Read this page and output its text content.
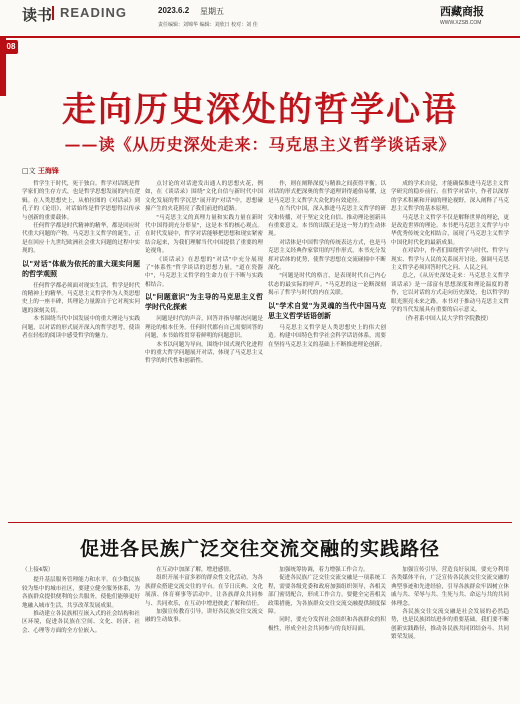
读书 READING	2023.6.2 星期五
责任编辑：刘锦华 编辑：刘欣日 校对：刘 佳
西藏商报
WWW.XZSB.COM
08
走向历史深处的哲学心语
——读《从历史深处走来：马克思主义哲学谈话录》
□文 王海锋

哲学生于时代，死于独白。哲学对话既是哲学家们的生存方式，也是哲学思想发展的内在逻辑。在人类思想史上，从柏拉图的《对话录》到孔子的《论语》，对话始终是哲学思想得以传承与创新的重要载体。

任何哲学都是时代精神的精华，都是回应时代重大问题的产物。马克思主义哲学的诞生，正是在回应十九世纪欧洲社会重大问题的过程中实现的。

以"对话"体裁为依托的重大现实问题的哲学观照

任何哲学都必须面对现实生活。哲学是时代的精神上的精华。马克思主义哲学作为人类思想史上的一座丰碑，其理论力量源自于它对现实问题的深刻关切。

本书围绕当代中国发展中的重大理论与实践问题，以对话的形式展开深入的哲学思考，使读者在轻松的阅读中感受哲学的魅力。

点讨论的对话进发出通人的思想火花，例如，在《谈话录》围绕"文化自信与新时代中国文化发展的哲学沉思"展开的"对话"中，思想碰撞产生的火花照亮了我们前进的道路。

"马克思主义的真理力量和实践力量在新时代中国得到充分彰显"，这是本书的核心观点。在时代发展中，哲学对话能够把思想和现实紧密结合起来，为我们理解当代中国提供了重要的理论视角。

《谈话录》在思想的"对话"中充分展现了"体系性"哲学谈话的思想力量，"道在瓷器中"，马克思主义哲学的生命力在于不断与实践相结合。

以"问题意识"为主导的马克思主义哲学时代化探索

问题是时代的声音，回答并指导解决问题是理论的根本任务。任何时代都有自己需要回答的问题，本书始终贯穿着鲜明的问题意识。

本书以问题为导向，围绕中国式现代化进程中的重大哲学问题展开对话，体现了马克思主义哲学的时代性和创新性。

作，则在阐释深度与精准之间获得平衡。以对话的形式把深奥的哲学道理讲得通俗易懂，这是马克思主义哲学大众化的有效途径。

在当代中国，深入推进马克思主义哲学的研究和传播，对于坚定文化自信、推动理论创新具有重要意义。本书的出版正是这一努力的生动体现。

对话体是中国哲学的传统表达方式，也是马克思主义经典作家常用的写作形式。本书充分发挥对话体的优势，使哲学思想在交流碰撞中不断深化。

"问题是时代的格言，是表现时代自己内心状态的最实际的呼声。"马克思的这一论断深刻揭示了哲学与时代的内在关联。

以"学术自觉"为灵魂的当代中国马克思主义哲学话语创新

马克思主义哲学是人类思想史上的伟大创造。构建中国特色哲学社会科学话语体系，需要在坚持马克思主义的基础上不断推进理论创新。

成的学术自觉，才能确保推进马克思主义哲学研究的稳步前行。在哲学对话中，作者以深厚的学术积累和开阔的理论视野，深入阐释了马克思主义哲学的基本原理。

马克思主义哲学不仅是解释世界的理论，更是改造世界的理论。本书把马克思主义哲学与中华优秀传统文化相结合，展现了马克思主义哲学中国化时代化的最新成果。

在对话中，作者们围绕哲学与时代、哲学与现实、哲学与人民的关系展开讨论，强调马克思主义哲学必须回答时代之问、人民之问。

总之，《从历史深处走来：马克思主义哲学谈话录》是一部富有思想深度和理论温度的著作，它以对话的方式走向历史深处，也以哲学的眼光照亮未来之路。本书对于推动马克思主义哲学的当代发展具有重要的启示意义。

（作者系中国人民大学哲学院教授）

促进各民族广泛交往交流交融的实践路径
（上接4版）

提升基层服务管理能力和水平。在少数民族较为集中的城市社区，要建立健全服务体系，为各族群众提供便利的公共服务，使他们能够更好地融入城市生活，共享改革发展成果。

推动建立各民族相互嵌入式的社会结构和社区环境，促进各民族在空间、文化、经济、社会、心理等方面的全方位嵌入。

在互动中加深了解，增进感情。

组织开展丰富多彩的群众性文化活动，为各族群众搭建交流交往的平台。在节日庆典、文化展演、体育赛事等活动中，让各族群众共同参与、共同欢乐，在互动中增进彼此了解和信任。

加强宣传教育引导，讲好各民族交往交流交融的生动故事。

加强统筹协调，着力增强工作合力。

促进各民族广泛交往交流交融是一项系统工程，需要各级党委和政府加强组织领导，各相关部门密切配合，形成工作合力。要健全完善相关政策措施，为各族群众交往交流交融提供制度保障。

同时，要充分发挥社会组织和各族群众的积极性，形成全社会共同参与的良好局面。

加强宣传引导，营造良好氛围。要充分利用各类媒体平台，广泛宣传各民族交往交流交融的典型事迹和先进经验，引导各族群众牢固树立休戚与共、荣辱与共、生死与共、命运与共的共同体理念。

各民族交往交流交融是社会发展的必然趋势，也是民族团结进步的重要基础。我们要不断创新实践路径，推动各民族共同团结奋斗、共同繁荣发展。
